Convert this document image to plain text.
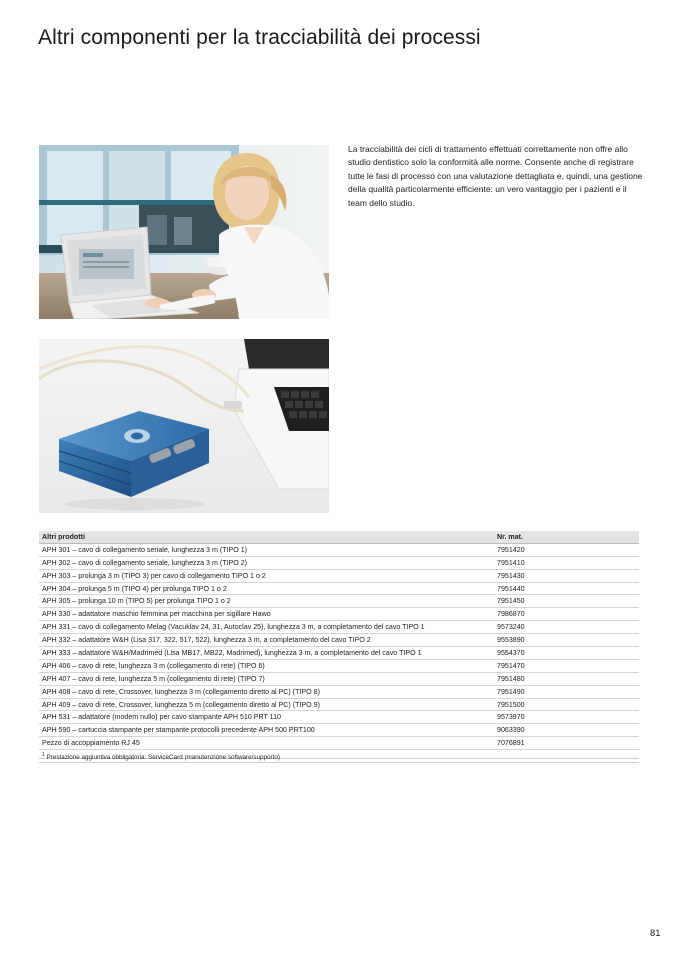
Altri componenti per la tracciabilità dei processi
La tracciabilità dei cicli di trattamento effettuati correttamente non offre allo studio dentistico solo la conformità alle norme. Consente anche di registrare tutte le fasi di processo con una valutazione dettagliata e, quindi, una gestione della qualità particolarmente efficiente: un vero vantaggio per i pazienti e il team dello studio.
Altri prodotti	Nr. mat.
APH 301 – cavo di collegamento seriale, lunghezza 3 m (TIPO 1)	7951420
APH 302 – cavo di collegamento seriale, lunghezza 3 m (TIPO 2)	7951410
APH 303 – prolunga 3 m (TIPO 3) per cavo di collegamento TIPO 1 o 2	7951430
APH 304 – prolunga 5 m (TIPO 4) per prolunga TIPO 1 o 2	7951440
APH 305 – prolunga 10 m (TIPO 5) per prolunga TIPO 1 o 2	7951450
APH 330 – adattatore maschio femmina per macchina per sigillare Hawo	7986870
APH 331 – cavo di collegamento Melag (Vacuklav 24, 31, Autoclav 25), lunghezza 3 m, a completamento del cavo TIPO 1	9573240
APH 332 – adattatore W&H (Lisa 317, 322, 517, 522), lunghezza 3 m, a completamento del cavo TIPO 2	9553890
APH 333 – adattatore W&H/Madrimed (Lisa MB17, MB22, Madrimed), lunghezza 3 m, a completamento del cavo TIPO 1	9554370
APH 406 – cavo di rete, lunghezza 3 m (collegamento di rete) (TIPO 6)	7951470
APH 407 – cavo di rete, lunghezza 5 m (collegamento di rete) (TIPO 7)	7951480
APH 408 – cavo di rete, Crossover, lunghezza 3 m (collegamento diretto al PC) (TIPO 8)	7951490
APH 409 – cavo di rete, Crossover, lunghezza 5 m (collegamento diretto al PC) (TIPO 9)	7951500
APH 531 – adattatore (modem nullo) per cavo stampante APH 510 PRT 110	9573970
APH 590 – cartuccia stampante per stampante protocolli precedente APH 500 PRT100	9063390
Pezzo di accoppiamento RJ 45	7076891

$^1$ Prestazione aggiuntiva obbligatoria: ServiceCard (manutenzione software/supporto)
81
